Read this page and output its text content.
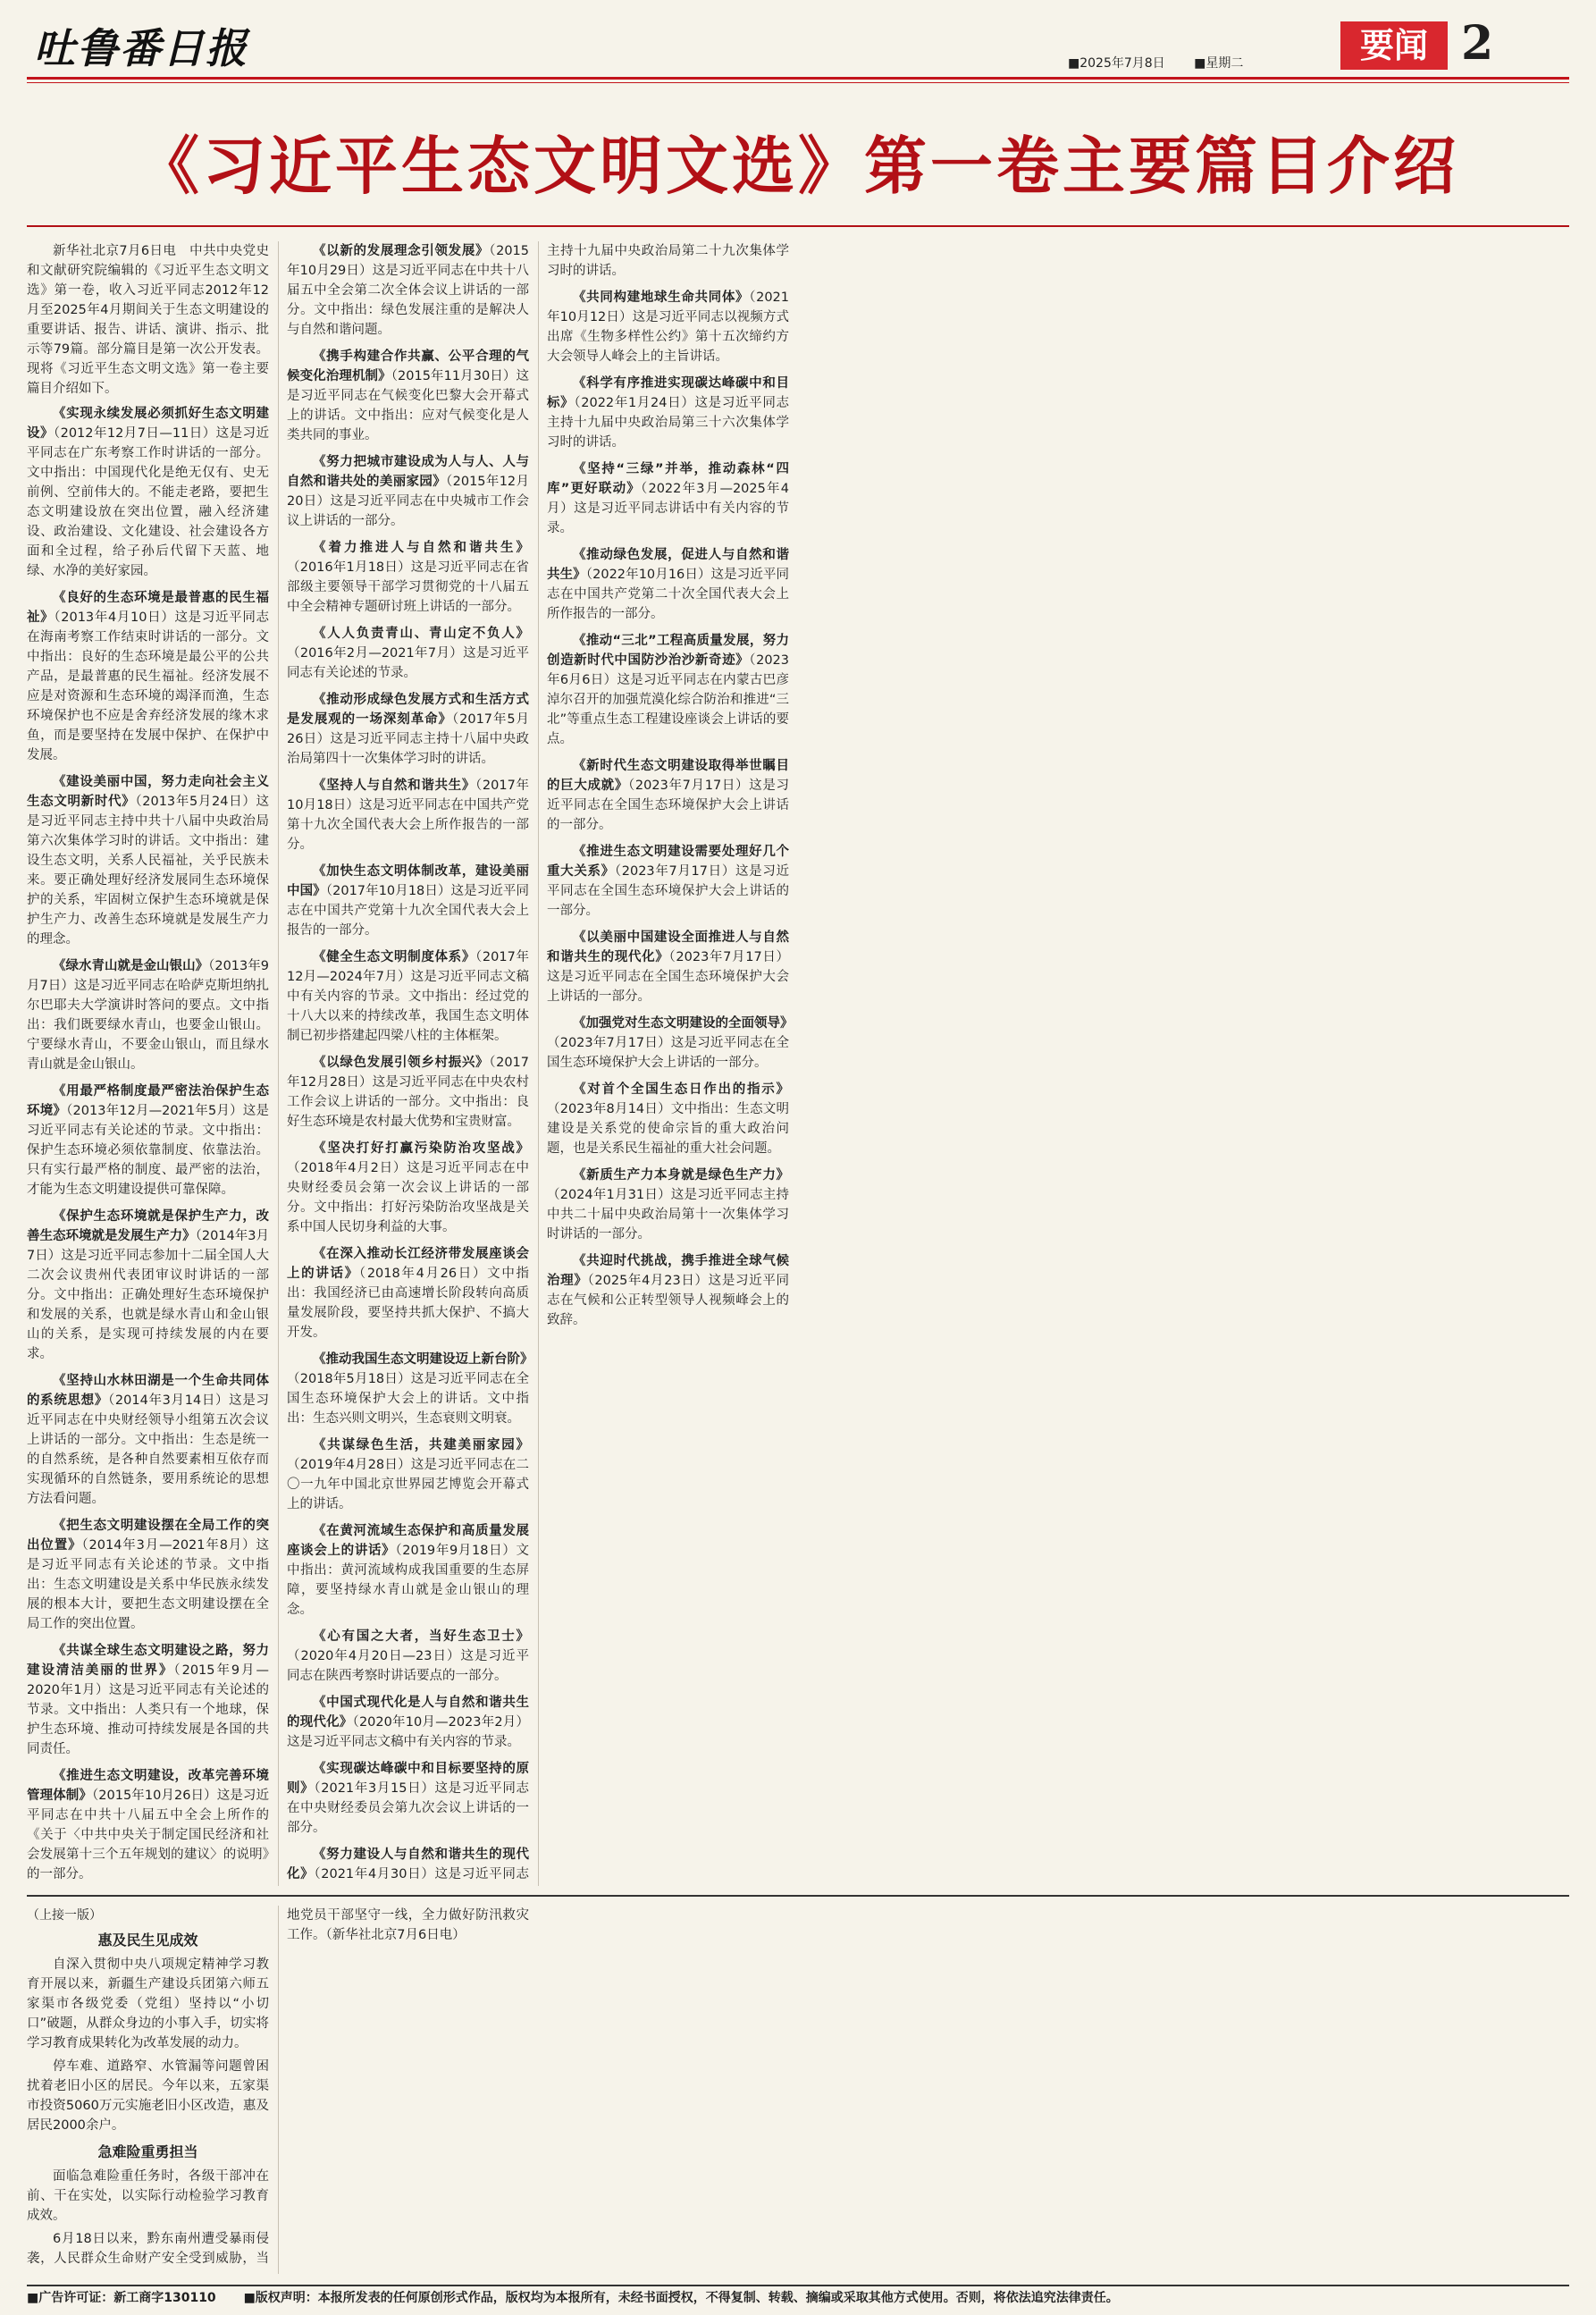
吐鲁番日报	■2025年7月8日 ■星期二	要闻 2
《习近平生态文明文选》第一卷主要篇目介绍

新华社北京7月6日电　中共中央党史和文献研究院编辑的《习近平生态文明文选》第一卷，收入习近平同志2012年12月至2025年4月期间关于生态文明建设的重要讲话、报告、讲话、演讲、指示、批示等79篇。部分篇目是第一次公开发表。现将《习近平生态文明文选》第一卷主要篇目介绍如下。

《实现永续发展必须抓好生态文明建设》（2012年12月7日—11日）这是习近平同志在广东考察工作时讲话的一部分。文中指出：中国现代化是绝无仅有、史无前例、空前伟大的。不能走老路，要把生态文明建设放在突出位置，融入经济建设、政治建设、文化建设、社会建设各方面和全过程，给子孙后代留下天蓝、地绿、水净的美好家园。

《良好的生态环境是最普惠的民生福祉》（2013年4月10日）这是习近平同志在海南考察工作结束时讲话的一部分。文中指出：良好的生态环境是最公平的公共产品，是最普惠的民生福祉。经济发展不应是对资源和生态环境的竭泽而渔，生态环境保护也不应是舍弃经济发展的缘木求鱼，而是要坚持在发展中保护、在保护中发展。

《建设美丽中国，努力走向社会主义生态文明新时代》（2013年5月24日）这是习近平同志主持中共十八届中央政治局第六次集体学习时的讲话。文中指出：建设生态文明，关系人民福祉，关乎民族未来。要正确处理好经济发展同生态环境保护的关系，牢固树立保护生态环境就是保护生产力、改善生态环境就是发展生产力的理念。

《绿水青山就是金山银山》（2013年9月7日）这是习近平同志在哈萨克斯坦纳扎尔巴耶夫大学演讲时答问的要点。文中指出：我们既要绿水青山，也要金山银山。宁要绿水青山，不要金山银山，而且绿水青山就是金山银山。

《用最严格制度最严密法治保护生态环境》（2013年12月—2021年5月）这是习近平同志有关论述的节录。文中指出：保护生态环境必须依靠制度、依靠法治。只有实行最严格的制度、最严密的法治，才能为生态文明建设提供可靠保障。

《保护生态环境就是保护生产力，改善生态环境就是发展生产力》（2014年3月7日）这是习近平同志参加十二届全国人大二次会议贵州代表团审议时讲话的一部分。文中指出：正确处理好生态环境保护和发展的关系，也就是绿水青山和金山银山的关系，是实现可持续发展的内在要求。

《坚持山水林田湖是一个生命共同体的系统思想》（2014年3月14日）这是习近平同志在中央财经领导小组第五次会议上讲话的一部分。文中指出：生态是统一的自然系统，是各种自然要素相互依存而实现循环的自然链条，要用系统论的思想方法看问题。

《把生态文明建设摆在全局工作的突出位置》（2014年3月—2021年8月）这是习近平同志有关论述的节录。文中指出：生态文明建设是关系中华民族永续发展的根本大计，要把生态文明建设摆在全局工作的突出位置。

《共谋全球生态文明建设之路，努力建设清洁美丽的世界》（2015年9月—2020年1月）这是习近平同志有关论述的节录。文中指出：人类只有一个地球，保护生态环境、推动可持续发展是各国的共同责任。

《推进生态文明建设，改革完善环境管理体制》（2015年10月26日）这是习近平同志在中共十八届五中全会上所作的《关于〈中共中央关于制定国民经济和社会发展第十三个五年规划的建议〉的说明》的一部分。

《以新的发展理念引领发展》（2015年10月29日）这是习近平同志在中共十八届五中全会第二次全体会议上讲话的一部分。文中指出：绿色发展注重的是解决人与自然和谐问题。

《携手构建合作共赢、公平合理的气候变化治理机制》（2015年11月30日）这是习近平同志在气候变化巴黎大会开幕式上的讲话。文中指出：应对气候变化是人类共同的事业。

《努力把城市建设成为人与人、人与自然和谐共处的美丽家园》（2015年12月20日）这是习近平同志在中央城市工作会议上讲话的一部分。

《着力推进人与自然和谐共生》（2016年1月18日）这是习近平同志在省部级主要领导干部学习贯彻党的十八届五中全会精神专题研讨班上讲话的一部分。

《人人负责青山、青山定不负人》（2016年2月—2021年7月）这是习近平同志有关论述的节录。

《推动形成绿色发展方式和生活方式是发展观的一场深刻革命》（2017年5月26日）这是习近平同志主持十八届中央政治局第四十一次集体学习时的讲话。

《坚持人与自然和谐共生》（2017年10月18日）这是习近平同志在中国共产党第十九次全国代表大会上所作报告的一部分。

《加快生态文明体制改革，建设美丽中国》（2017年10月18日）这是习近平同志在中国共产党第十九次全国代表大会上报告的一部分。

《健全生态文明制度体系》（2017年12月—2024年7月）这是习近平同志文稿中有关内容的节录。文中指出：经过党的十八大以来的持续改革，我国生态文明体制已初步搭建起四梁八柱的主体框架。

《以绿色发展引领乡村振兴》（2017年12月28日）这是习近平同志在中央农村工作会议上讲话的一部分。文中指出：良好生态环境是农村最大优势和宝贵财富。

《坚决打好打赢污染防治攻坚战》（2018年4月2日）这是习近平同志在中央财经委员会第一次会议上讲话的一部分。文中指出：打好污染防治攻坚战是关系中国人民切身利益的大事。

《在深入推动长江经济带发展座谈会上的讲话》（2018年4月26日）文中指出：我国经济已由高速增长阶段转向高质量发展阶段，要坚持共抓大保护、不搞大开发。

《推动我国生态文明建设迈上新台阶》（2018年5月18日）这是习近平同志在全国生态环境保护大会上的讲话。文中指出：生态兴则文明兴，生态衰则文明衰。

《共谋绿色生活，共建美丽家园》（2019年4月28日）这是习近平同志在二〇一九年中国北京世界园艺博览会开幕式上的讲话。

《在黄河流域生态保护和高质量发展座谈会上的讲话》（2019年9月18日）文中指出：黄河流域构成我国重要的生态屏障，要坚持绿水青山就是金山银山的理念。

《心有国之大者，当好生态卫士》（2020年4月20日—23日）这是习近平同志在陕西考察时讲话要点的一部分。

《中国式现代化是人与自然和谐共生的现代化》（2020年10月—2023年2月）这是习近平同志文稿中有关内容的节录。

《实现碳达峰碳中和目标要坚持的原则》（2021年3月15日）这是习近平同志在中央财经委员会第九次会议上讲话的一部分。

《努力建设人与自然和谐共生的现代化》（2021年4月30日）这是习近平同志主持十九届中央政治局第二十九次集体学习时的讲话。

《共同构建地球生命共同体》（2021年10月12日）这是习近平同志以视频方式出席《生物多样性公约》第十五次缔约方大会领导人峰会上的主旨讲话。

《科学有序推进实现碳达峰碳中和目标》（2022年1月24日）这是习近平同志主持十九届中央政治局第三十六次集体学习时的讲话。

《坚持“三绿”并举，推动森林“四库”更好联动》（2022年3月—2025年4月）这是习近平同志讲话中有关内容的节录。

《推动绿色发展，促进人与自然和谐共生》（2022年10月16日）这是习近平同志在中国共产党第二十次全国代表大会上所作报告的一部分。

《推动“三北”工程高质量发展，努力创造新时代中国防沙治沙新奇迹》（2023年6月6日）这是习近平同志在内蒙古巴彦淖尔召开的加强荒漠化综合防治和推进“三北”等重点生态工程建设座谈会上讲话的要点。

《新时代生态文明建设取得举世瞩目的巨大成就》（2023年7月17日）这是习近平同志在全国生态环境保护大会上讲话的一部分。

《推进生态文明建设需要处理好几个重大关系》（2023年7月17日）这是习近平同志在全国生态环境保护大会上讲话的一部分。

《以美丽中国建设全面推进人与自然和谐共生的现代化》（2023年7月17日）这是习近平同志在全国生态环境保护大会上讲话的一部分。

《加强党对生态文明建设的全面领导》（2023年7月17日）这是习近平同志在全国生态环境保护大会上讲话的一部分。

《对首个全国生态日作出的指示》（2023年8月14日）文中指出：生态文明建设是关系党的使命宗旨的重大政治问题，也是关系民生福祉的重大社会问题。

《新质生产力本身就是绿色生产力》（2024年1月31日）这是习近平同志主持中共二十届中央政治局第十一次集体学习时讲话的一部分。

《共迎时代挑战，携手推进全球气候治理》（2025年4月23日）这是习近平同志在气候和公正转型领导人视频峰会上的致辞。

（上接一版）
惠及民生见成效

自深入贯彻中央八项规定精神学习教育开展以来，新疆生产建设兵团第六师五家渠市各级党委（党组）坚持以“小切口”破题，从群众身边的小事入手，切实将学习教育成果转化为改革发展的动力。

停车难、道路窄、水管漏等问题曾困扰着老旧小区的居民。今年以来，五家渠市投资5060万元实施老旧小区改造，惠及居民2000余户。

急难险重勇担当

面临急难险重任务时，各级干部冲在前、干在实处，以实际行动检验学习教育成效。

6月18日以来，黔东南州遭受暴雨侵袭，人民群众生命财产安全受到威胁，当地党员干部坚守一线，全力做好防汛救灾工作。（新华社北京7月6日电）

■广告许可证：新工商字130110 ■版权声明：本报所发表的任何原创形式作品，版权均为本报所有，未经书面授权，不得复制、转载、摘编或采取其他方式使用。否则，将依法追究法律责任。
